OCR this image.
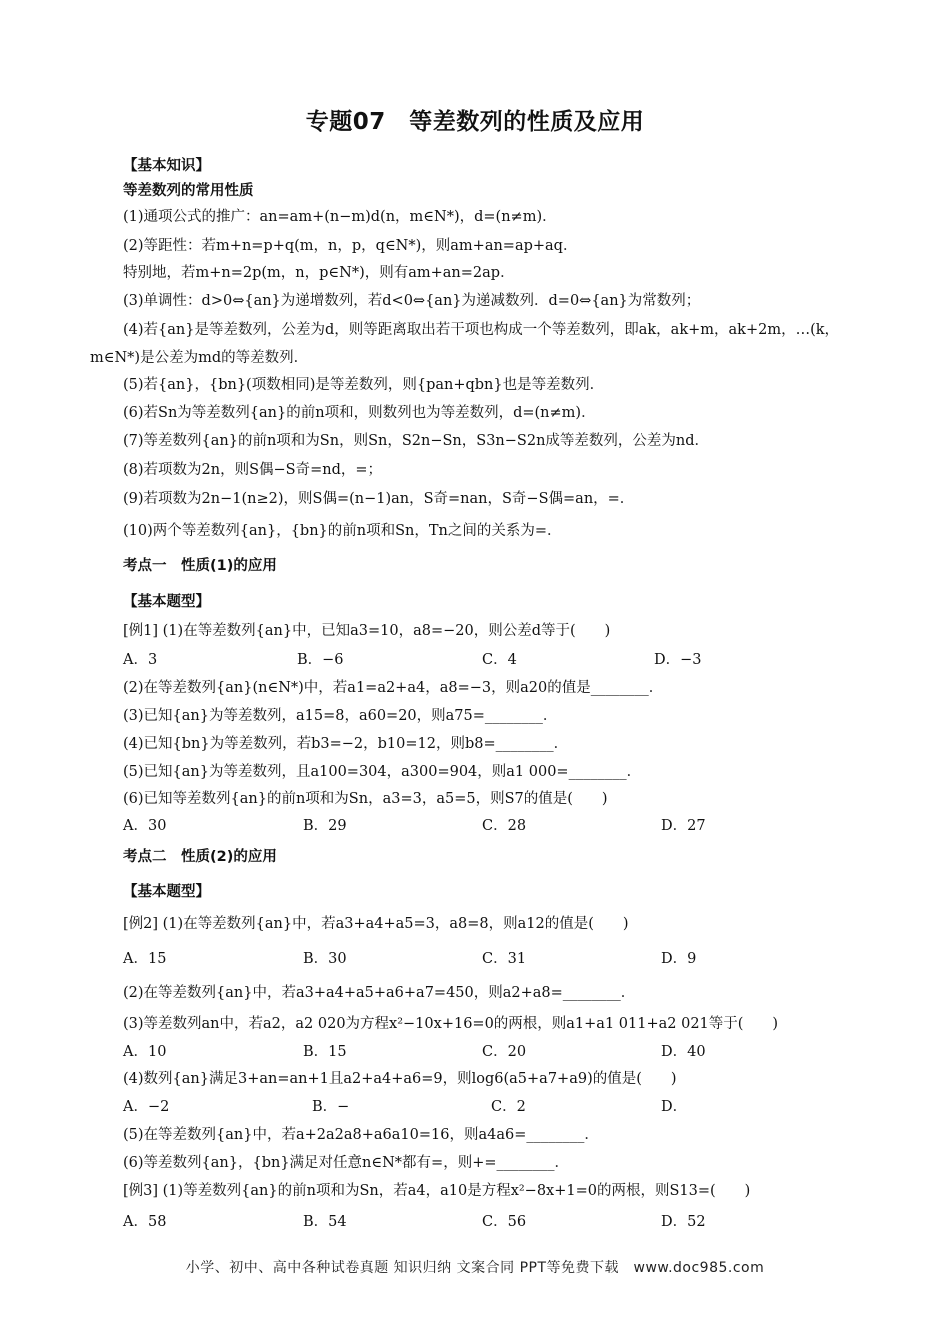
专题07　等差数列的性质及应用
【基本知识】
等差数列的常用性质
(1)通项公式的推广：an=am+(n−m)d(n，m∈N*)，d=(n≠m)．
(2)等距性：若m+n=p+q(m，n，p，q∈N*)，则am+an=ap+aq．
特别地，若m+n=2p(m，n，p∈N*)，则有am+an=2ap．
(3)单调性：d>0⇔{an}为递增数列，若d<0⇔{an}为递减数列．d=0⇔{an}为常数列；
(4)若{an}是等差数列，公差为d，则等距离取出若干项也构成一个等差数列，即ak，ak+m，ak+2m，…(k，
m∈N*)是公差为md的等差数列．
(5)若{an}，{bn}(项数相同)是等差数列，则{pan+qbn}也是等差数列．
(6)若Sn为等差数列{an}的前n项和，则数列也为等差数列，d=(n≠m)．
(7)等差数列{an}的前n项和为Sn，则Sn，S2n−Sn，S3n−S2n成等差数列，公差为nd．
(8)若项数为2n，则S偶−S奇=nd，=；
(9)若项数为2n−1(n≥2)，则S偶=(n−1)an，S奇=nan，S奇−S偶=an，=．
(10)两个等差数列{an}，{bn}的前n项和Sn，Tn之间的关系为=．
考点一　性质(1)的应用
【基本题型】
[例1] (1)在等差数列{an}中，已知a3=10，a8=−20，则公差d等于(　　)
A．3	B．−6	C．4	D．−3
(2)在等差数列{an}(n∈N*)中，若a1=a2+a4，a8=−3，则a20的值是________．
(3)已知{an}为等差数列，a15=8，a60=20，则a75=________．
(4)已知{bn}为等差数列，若b3=−2，b10=12，则b8=________．
(5)已知{an}为等差数列，且a100=304，a300=904，则a1 000=________．
(6)已知等差数列{an}的前n项和为Sn，a3=3，a5=5，则S7的值是(　　)
A．30	B．29	C．28	D．27
考点二　性质(2)的应用
【基本题型】
[例2] (1)在等差数列{an}中，若a3+a4+a5=3，a8=8，则a12的值是(　　)
A．15	B．30	C．31	D．9
(2)在等差数列{an}中，若a3+a4+a5+a6+a7=450，则a2+a8=________．
(3)等差数列an中，若a2，a2 020为方程x²−10x+16=0的两根，则a1+a1 011+a2 021等于(　　)
A．10	B．15	C．20	D．40
(4)数列{an}满足3+an=an+1且a2+a4+a6=9，则log6(a5+a7+a9)的值是(　　)
A．−2	B．−	C．2	D．
(5)在等差数列{an}中，若a+2a2a8+a6a10=16，则a4a6=________．
(6)等差数列{an}，{bn}满足对任意n∈N*都有=，则+=________．
[例3] (1)等差数列{an}的前n项和为Sn，若a4，a10是方程x²−8x+1=0的两根，则S13=(　　)
A．58	B．54	C．56	D．52
小学、初中、高中各种试卷真题 知识归纳 文案合同 PPT等免费下载　www.doc985.com
